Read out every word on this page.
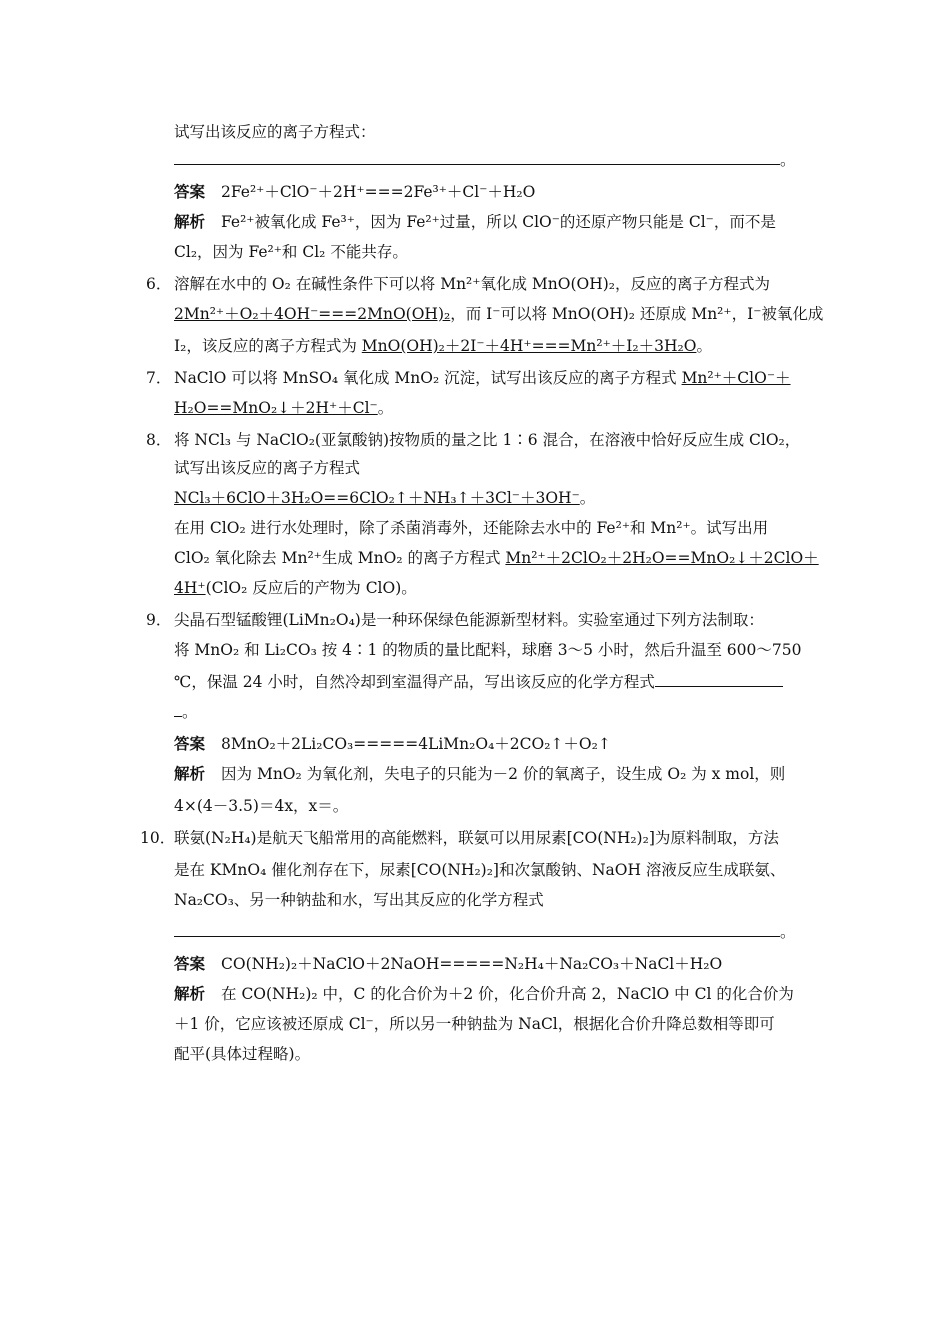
试写出该反应的离子方程式：
。
答案 2Fe²⁺＋ClO⁻＋2H⁺===2Fe³⁺＋Cl⁻＋H₂O
解析 Fe²⁺被氧化成 Fe³⁺，因为 Fe²⁺过量，所以 ClO⁻的还原产物只能是 Cl⁻，而不是
Cl₂，因为 Fe²⁺和 Cl₂ 不能共存。
6． 溶解在水中的 O₂ 在碱性条件下可以将 Mn²⁺氧化成 MnO(OH)₂，反应的离子方程式为
2Mn²⁺＋O₂＋4OH⁻===2MnO(OH)₂，而 I⁻可以将 MnO(OH)₂ 还原成 Mn²⁺，I⁻被氧化成
I₂，该反应的离子方程式为 MnO(OH)₂＋2I⁻＋4H⁺===Mn²⁺＋I₂＋3H₂O。
7． NaClO 可以将 MnSO₄ 氧化成 MnO₂ 沉淀，试写出该反应的离子方程式 Mn²⁺＋ClO⁻＋
H₂O==MnO₂↓＋2H⁺＋Cl⁻。
8． 将 NCl₃ 与 NaClO₂(亚氯酸钠)按物质的量之比 1∶6 混合，在溶液中恰好反应生成 ClO₂，
试写出该反应的离子方程式
NCl₃＋6ClO＋3H₂O==6ClO₂↑＋NH₃↑＋3Cl⁻＋3OH⁻。
在用 ClO₂ 进行水处理时，除了杀菌消毒外，还能除去水中的 Fe²⁺和 Mn²⁺。试写出用
ClO₂ 氧化除去 Mn²⁺生成 MnO₂ 的离子方程式 Mn²⁺＋2ClO₂＋2H₂O==MnO₂↓＋2ClO＋
4H⁺(ClO₂ 反应后的产物为 ClO)。
9． 尖晶石型锰酸锂(LiMn₂O₄)是一种环保绿色能源新型材料。实验室通过下列方法制取：
将 MnO₂ 和 Li₂CO₃ 按 4∶1 的物质的量比配料，球磨 3～5 小时，然后升温至 600～750
℃，保温 24 小时，自然冷却到室温得产品，写出该反应的化学方程式
。
答案 8MnO₂＋2Li₂CO₃=====4LiMn₂O₄＋2CO₂↑＋O₂↑
解析 因为 MnO₂ 为氧化剂，失电子的只能为－2 价的氧离子，设生成 O₂ 为 x mol，则
4×(4－3.5)＝4x，x＝。
10．
联氨(N₂H₄)是航天飞船常用的高能燃料，联氨可以用尿素[CO(NH₂)₂]为原料制取，方法
是在 KMnO₄ 催化剂存在下，尿素[CO(NH₂)₂]和次氯酸钠、NaOH 溶液反应生成联氨、
Na₂CO₃、另一种钠盐和水，写出其反应的化学方程式
。
答案 CO(NH₂)₂＋NaClO＋2NaOH=====N₂H₄＋Na₂CO₃＋NaCl＋H₂O
解析 在 CO(NH₂)₂ 中，C 的化合价为＋2 价，化合价升高 2，NaClO 中 Cl 的化合价为
＋1 价，它应该被还原成 Cl⁻，所以另一种钠盐为 NaCl，根据化合价升降总数相等即可
配平(具体过程略)。
